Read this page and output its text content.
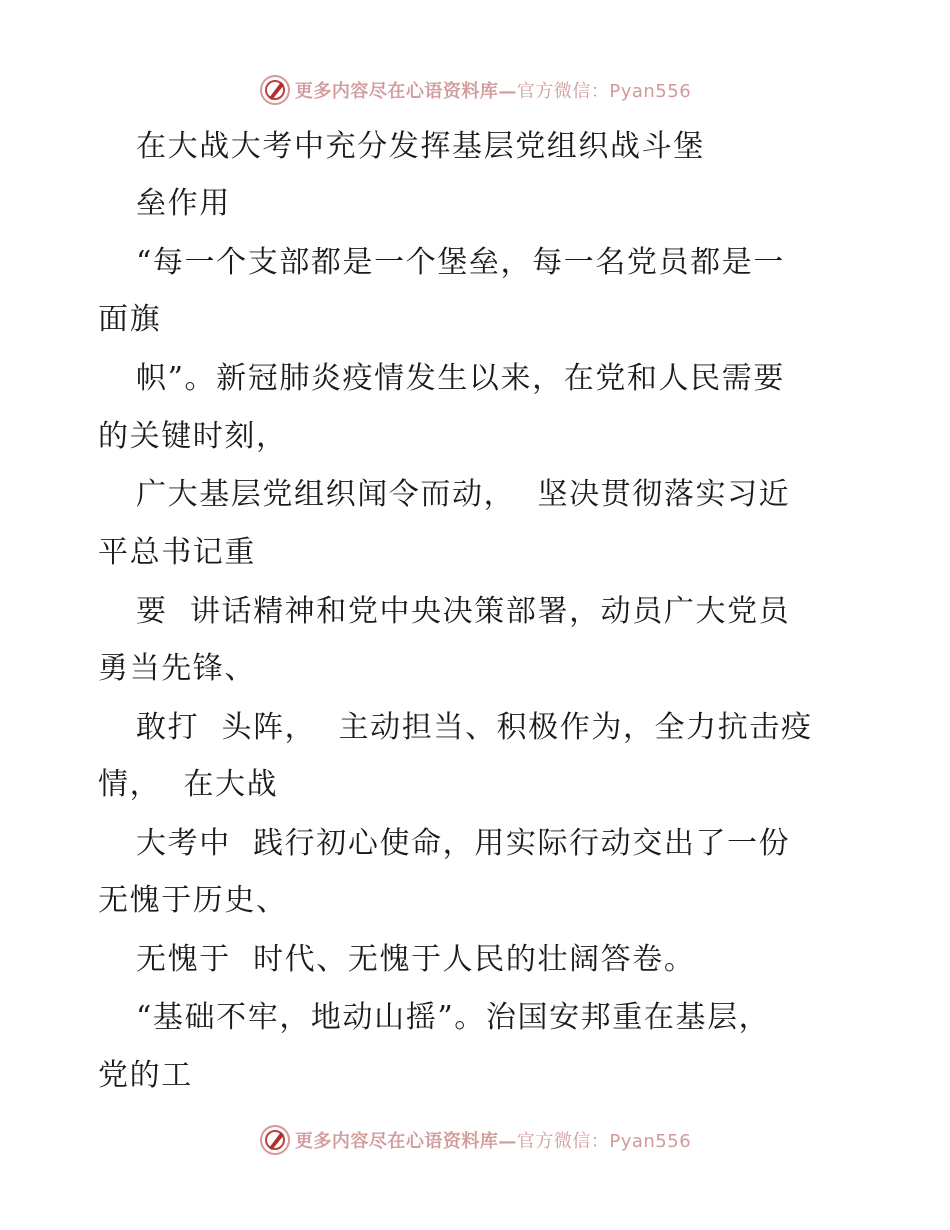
更多内容尽在心语资料库— 官方微信：Pyan556
在大战大考中充分发挥基层党组织战斗堡
垒作用
“每一个支部都是一个堡垒，每一名党员都是一
面旗
帜”。新冠肺炎疫情发生以来，在党和人民需要
的关键时刻，
广大基层党组织闻令而动，  坚决贯彻落实习近
平总书记重
要  讲话精神和党中央决策部署，动员广大党员
勇当先锋、
敢打  头阵，  主动担当、积极作为，全力抗击疫
情，  在大战
大考中  践行初心使命，用实际行动交出了一份
无愧于历史、
无愧于  时代、无愧于人民的壮阔答卷。
“基础不牢，地动山摇”。治国安邦重在基层，
党的工
更多内容尽在心语资料库— 官方微信：Pyan556
